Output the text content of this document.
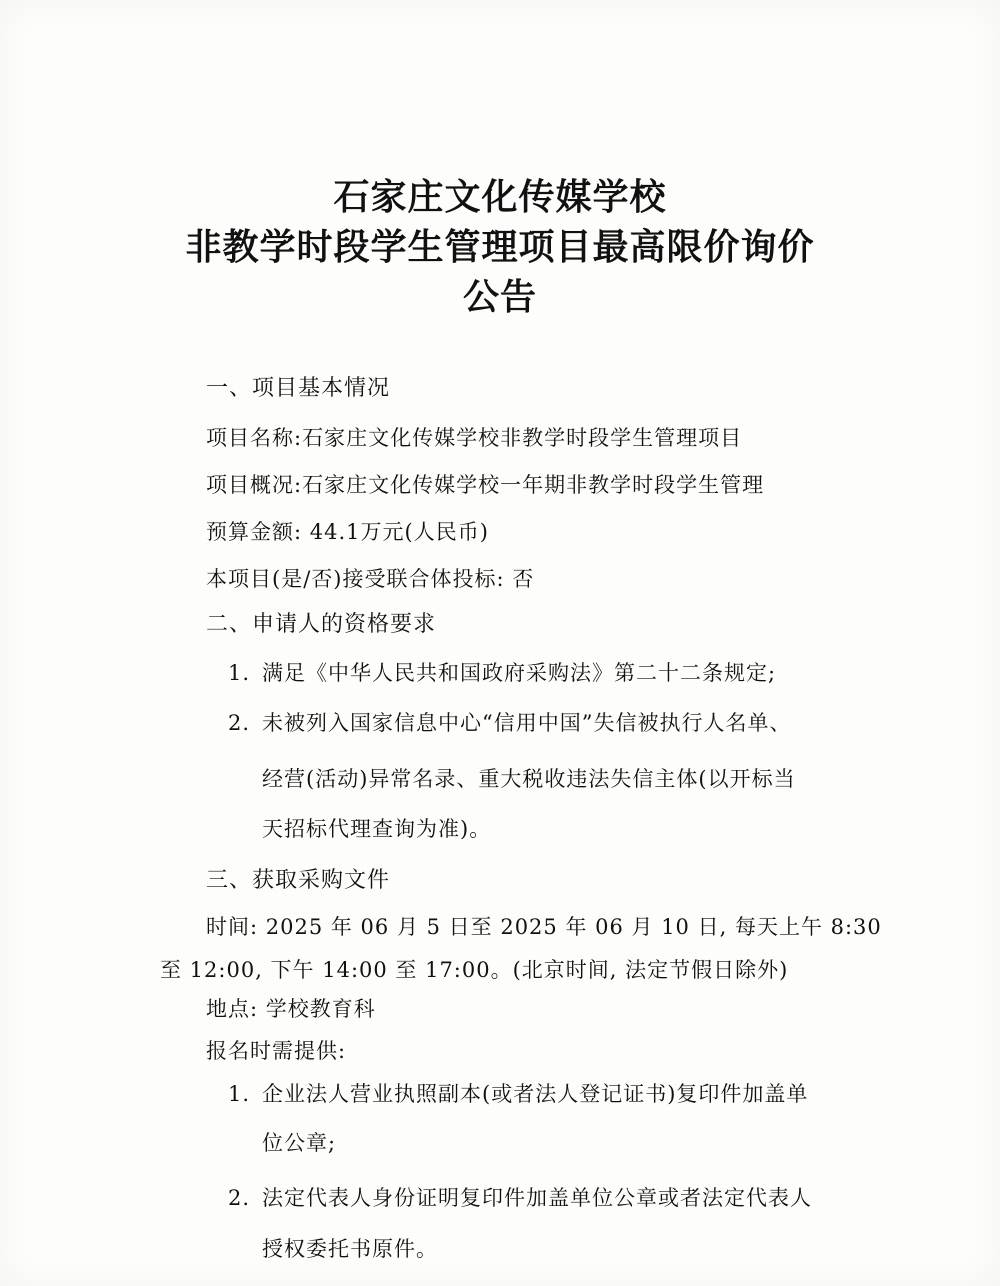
石家庄文化传媒学校
非教学时段学生管理项目最高限价询价
公告
一、项目基本情况
项目名称:石家庄文化传媒学校非教学时段学生管理项目
项目概况:石家庄文化传媒学校一年期非教学时段学生管理
预算金额: 44.1万元(人民币)
本项目(是/否)接受联合体投标: 否
二、申请人的资格要求
1. 满足《中华人民共和国政府采购法》第二十二条规定;
2. 未被列入国家信息中心“信用中国”失信被执行人名单、
经营(活动)异常名录、重大税收违法失信主体(以开标当
天招标代理查询为准)。
三、获取采购文件
时间: 2025 年 06 月 5 日至 2025 年 06 月 10 日, 每天上午 8:30
至 12:00, 下午 14:00 至 17:00。(北京时间, 法定节假日除外)
地点: 学校教育科
报名时需提供:
1. 企业法人营业执照副本(或者法人登记证书)复印件加盖单
位公章;
2. 法定代表人身份证明复印件加盖单位公章或者法定代表人
授权委托书原件。
